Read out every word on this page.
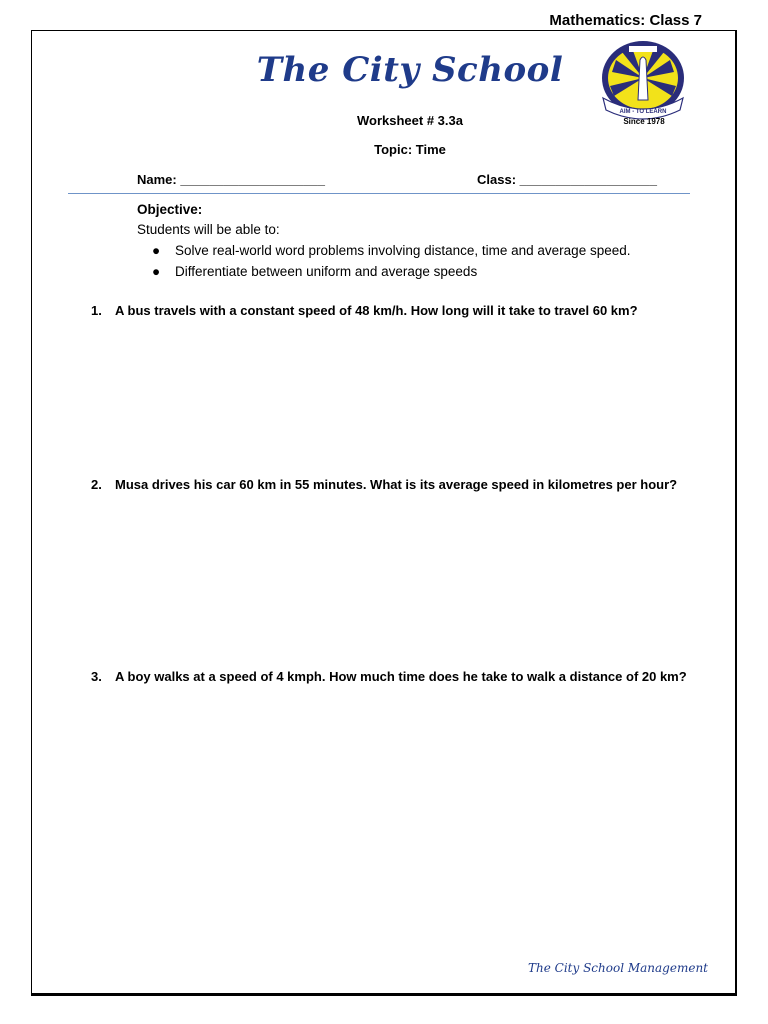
Mathematics: Class 7
The City School
AIM - TO LEARN
Since 1978
Worksheet # 3.3a
Topic: Time
Name: ____________________	Class: ___________________
Objective:
Students will be able to:
● Solve real-world word problems involving distance, time and average speed.
● Differentiate between uniform and average speeds
1. A bus travels with a constant speed of 48 km/h. How long will it take to travel 60 km?
2. Musa drives his car 60 km in 55 minutes. What is its average speed in kilometres per hour?
3. A boy walks at a speed of 4 kmph. How much time does he take to walk a distance of 20 km?
The City School Management
